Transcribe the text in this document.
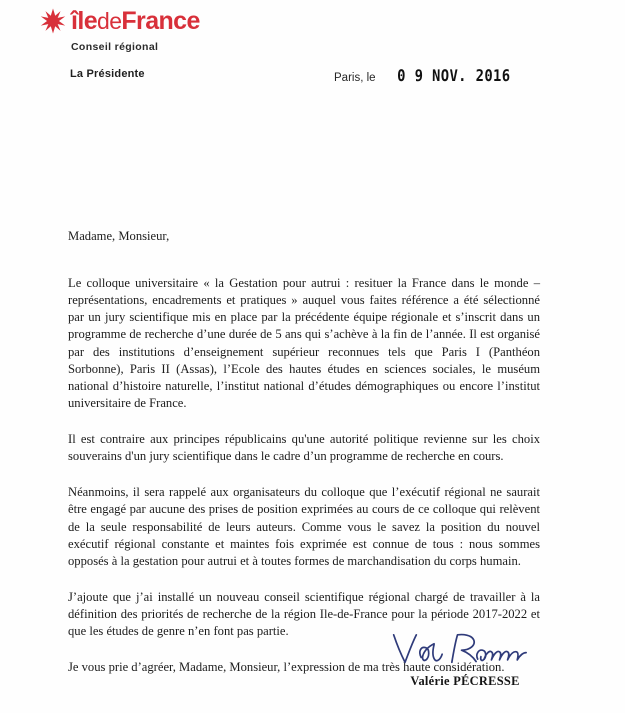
îledeFrance
Conseil régional
La Présidente	Paris, le 0 9 NOV. 2016

Madame, Monsieur,

Le colloque universitaire « la Gestation pour autrui : resituer la France dans le monde – représentations, encadrements et pratiques » auquel vous faites référence a été sélectionné par un jury scientifique mis en place par la précédente équipe régionale et s’inscrit dans un programme de recherche d’une durée de 5 ans qui s’achève à la fin de l’année. Il est organisé par des institutions d’enseignement supérieur reconnues tels que Paris I (Panthéon Sorbonne), Paris II (Assas), l’Ecole des hautes études en sciences sociales, le muséum national d’histoire naturelle, l’institut national d’études démographiques ou encore l’institut universitaire de France.

Il est contraire aux principes républicains qu'une autorité politique revienne sur les choix souverains d'un jury scientifique dans le cadre d’un programme de recherche en cours.

Néanmoins, il sera rappelé aux organisateurs du colloque que l’exécutif régional ne saurait être engagé par aucune des prises de position exprimées au cours de ce colloque qui relèvent de la seule responsabilité de leurs auteurs. Comme vous le savez la position du nouvel exécutif régional constante et maintes fois exprimée est connue de tous : nous sommes opposés à la gestation pour autrui et à toutes formes de marchandisation du corps humain.

J’ajoute que j’ai installé un nouveau conseil scientifique régional chargé de travailler à la définition des priorités de recherche de la région Ile-de-France pour la période 2017-2022 et que les études de genre n’en font pas partie.

Je vous prie d’agréer, Madame, Monsieur, l’expression de ma très haute considération.

Valérie PÉCRESSE
